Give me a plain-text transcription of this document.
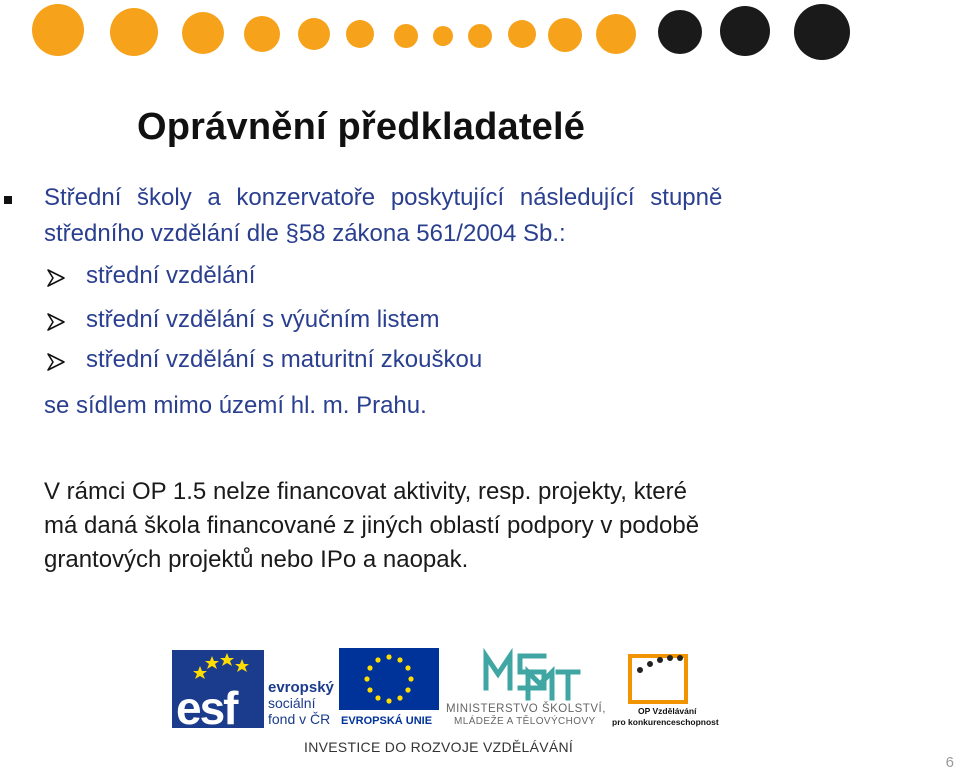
Oprávnění předkladatelé
Střední školy a konzervatoře poskytující následující stupně
středního vzdělání dle §58 zákona 561/2004 Sb.:
střední vzdělání
střední vzdělání s výučním listem
střední vzdělání s maturitní zkouškou
se sídlem mimo území hl. m. Prahu.
V rámci OP 1.5 nelze financovat aktivity, resp. projekty, které
má daná škola financované z jiných oblastí podpory v podobě
grantových projektů nebo IPo a naopak.
esf evropský
sociální
fond v ČR EVROPSKÁ UNIE
MINISTERSTVO ŠKOLSTVÍ,
MLÁDEŽE A TĚLOVÝCHOVY
OP Vzdělávání
pro konkurenceschopnost
INVESTICE DO ROZVOJE VZDĚLÁVÁNÍ
6
